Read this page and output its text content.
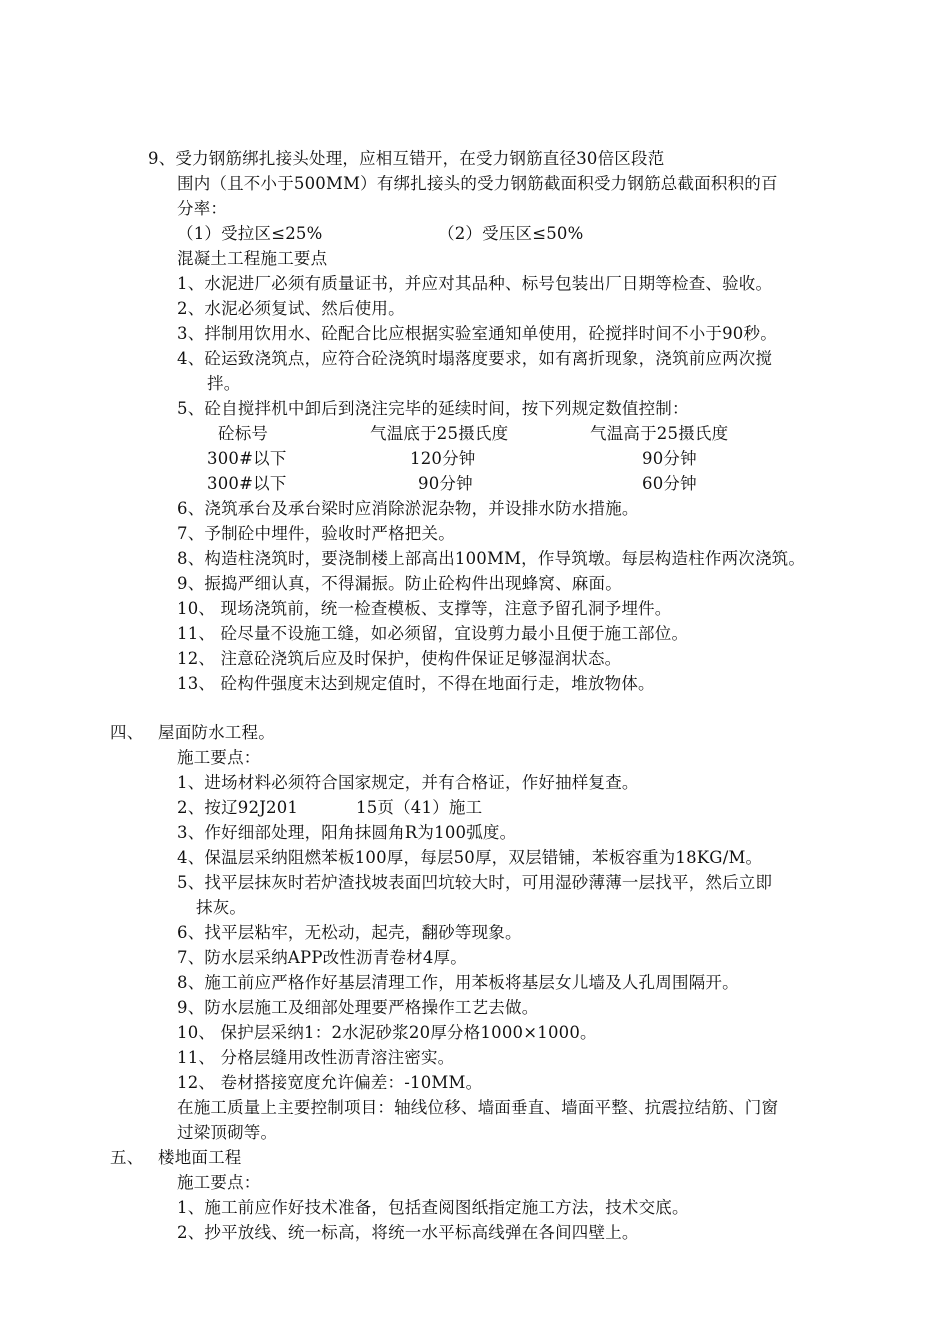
9、受力钢筋绑扎接头处理，应相互错开，在受力钢筋直径30倍区段范
围内（且不小于500MM）有绑扎接头的受力钢筋截面积受力钢筋总截面积积的百
分率：
（1）受拉区≤25%	（2）受压区≤50%
混凝土工程施工要点
1、水泥进厂必须有质量证书，并应对其品种、标号包装出厂日期等检查、验收。
2、水泥必须复试、然后使用。
3、拌制用饮用水、砼配合比应根据实验室通知单使用，砼搅拌时间不小于90秒。
4、砼运致浇筑点，应符合砼浇筑时塌落度要求，如有离折现象，浇筑前应两次搅
拌。
5、砼自搅拌机中卸后到浇注完毕的延续时间，按下列规定数值控制：
砼标号	气温底于25摄氏度	气温高于25摄氏度
300#以下	120分钟	90分钟
300#以下	90分钟	60分钟
6、浇筑承台及承台梁时应消除淤泥杂物，并设排水防水措施。
7、予制砼中埋件，验收时严格把关。
8、构造柱浇筑时，要浇制楼上部高出100MM，作导筑墩。每层构造柱作两次浇筑。
9、振捣严细认真，不得漏振。防止砼构件出现蜂窝、麻面。
10、 现场浇筑前，统一检查模板、支撑等，注意予留孔洞予埋件。
11、 砼尽量不设施工缝，如必须留，宜设剪力最小且便于施工部位。
12、 注意砼浇筑后应及时保护，使构件保证足够湿润状态。
13、 砼构件强度末达到规定值时，不得在地面行走，堆放物体。
四、 屋面防水工程。
施工要点：
1、进场材料必须符合国家规定，并有合格证，作好抽样复查。
2、按辽92J201	15页（41）施工
3、作好细部处理，阳角抹圆角R为100弧度。
4、保温层采纳阻燃苯板100厚，每层50厚，双层错铺，苯板容重为18KG/M。
5、找平层抹灰时若炉渣找坡表面凹坑较大时，可用湿砂薄薄一层找平，然后立即
抹灰。
6、找平层粘牢，无松动，起壳，翻砂等现象。
7、防水层采纳APP改性沥青卷材4厚。
8、施工前应严格作好基层清理工作，用苯板将基层女儿墙及人孔周围隔开。
9、防水层施工及细部处理要严格操作工艺去做。
10、 保护层采纳1：2水泥砂浆20厚分格1000×1000。
11、 分格层缝用改性沥青溶注密实。
12、 卷材搭接宽度允许偏差：-10MM。
在施工质量上主要控制项目：轴线位移、墙面垂直、墙面平整、抗震拉结筋、门窗
过梁顶砌等。
五、 楼地面工程
施工要点：
1、施工前应作好技术准备，包括查阅图纸指定施工方法，技术交底。
2、抄平放线、统一标高，将统一水平标高线弹在各间四壁上。
